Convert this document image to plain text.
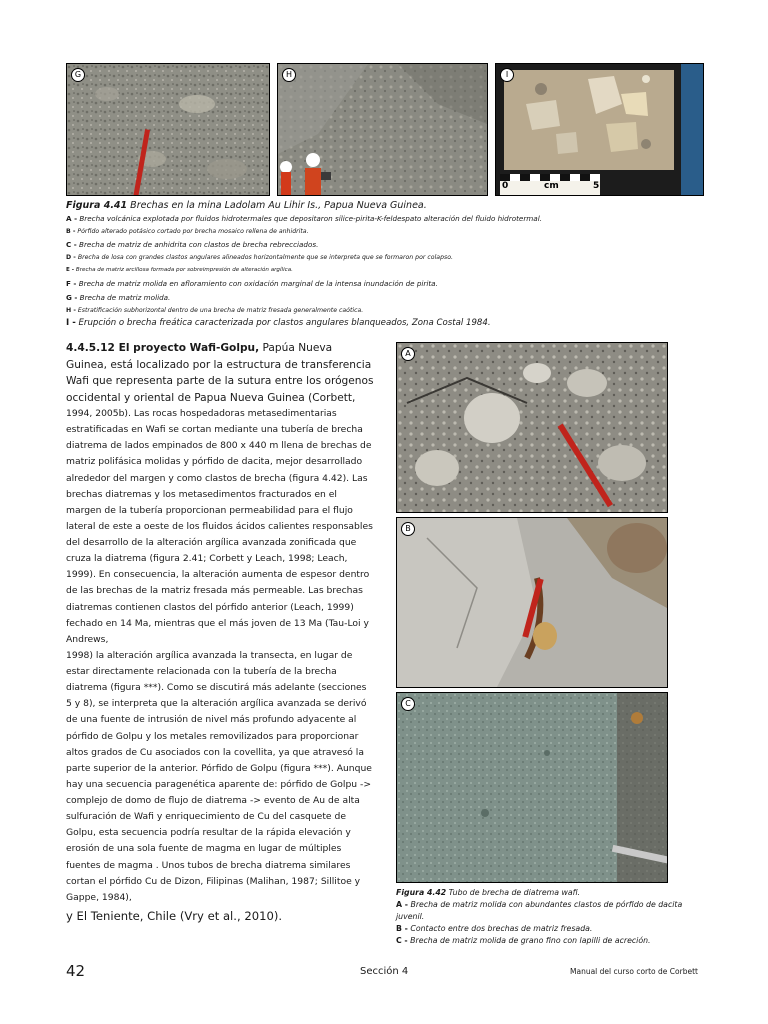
G	H	I
0	cm	5

Figura 4.41 Brechas en la mina Ladolam Au Lihir Is., Papua Nueva Guinea.

A - Brecha volcánica explotada por fluidos hidrotermales que depositaron sílice-pirita-K-feldespato alteración del fluido hidrotermal.

B - Pórfido alterado potásico cortado por brecha mosaico rellena de anhidrita.

C - Brecha de matriz de anhidrita con clastos de brecha rebrecciados.

D - Brecha de losa con grandes clastos angulares alineados horizontalmente que se interpreta que se formaron por colapso.

E - Brecha de matriz arcillosa formada por sobreimpresión de alteración argílica.

F - Brecha de matriz molida en afloramiento con oxidación marginal de la intensa inundación de pirita.

G - Brecha de matriz molida.

H - Estratificación subhorizontal dentro de una brecha de matriz fresada generalmente caótica.

I - Erupción o brecha freática caracterizada por clastos angulares blanqueados, Zona Costal 1984.

4.4.5.12 El proyecto Wafi-Golpu, Papúa Nueva Guinea, está localizado por la estructura de transferencia Wafi que representa parte de la sutura entre los orógenos occidental y oriental de Papua Nueva Guinea (Corbett,

1994, 2005b). Las rocas hospedadoras metasedimentarias estratificadas en Wafi se cortan mediante una tubería de brecha diatrema de lados empinados de 800 x 440 m llena de brechas de matriz polifásica molidas y pórfido de dacita, mejor desarrollado alrededor del margen y como clastos de brecha (figura 4.42). Las brechas diatremas y los metasedimentos fracturados en el margen de la tubería proporcionan permeabilidad para el flujo lateral de este a oeste de los fluidos ácidos calientes responsables del desarrollo de la alteración argílica avanzada zonificada que cruza la diatrema (figura 2.41; Corbett y Leach, 1998; Leach, 1999). En consecuencia, la alteración aumenta de espesor dentro de las brechas de la matriz fresada más permeable. Las brechas diatremas contienen clastos del pórfido anterior (Leach, 1999) fechado en 14 Ma, mientras que el más joven de 13 Ma (Tau-Loi y Andrews,

1998) la alteración argílica avanzada la transecta, en lugar de estar directamente relacionada con la tubería de la brecha diatrema (figura ***). Como se discutirá más adelante (secciones 5 y 8), se interpreta que la alteración argílica avanzada se derivó de una fuente de intrusión de nivel más profundo adyacente al pórfido de Golpu y los metales removilizados para proporcionar altos grados de Cu asociados con la covellita, ya que atravesó la parte superior de la anterior. Pórfido de Golpu (figura ***). Aunque hay una secuencia paragenética aparente de: pórfido de Golpu -> complejo de domo de flujo de diatrema -> evento de Au de alta sulfuración de Wafi y enriquecimiento de Cu del casquete de Golpu, esta secuencia podría resultar de la rápida elevación y erosión de una sola fuente de magma en lugar de múltiples fuentes de magma . Unos tubos de brecha diatrema similares cortan el pórfido Cu de Dizon, Filipinas (Malihan, 1987; Sillitoe y Gappe, 1984),

y El Teniente, Chile (Vry et al., 2010).

A
B
C

Figura 4.42 Tubo de brecha de diatrema wafi.

A - Brecha de matriz molida con abundantes clastos de pórfido de dacita juvenil.

B - Contacto entre dos brechas de matriz fresada.

C - Brecha de matriz molida de grano fino con lapilli de acreción.

42	Sección 4	Manual del curso corto de Corbett
